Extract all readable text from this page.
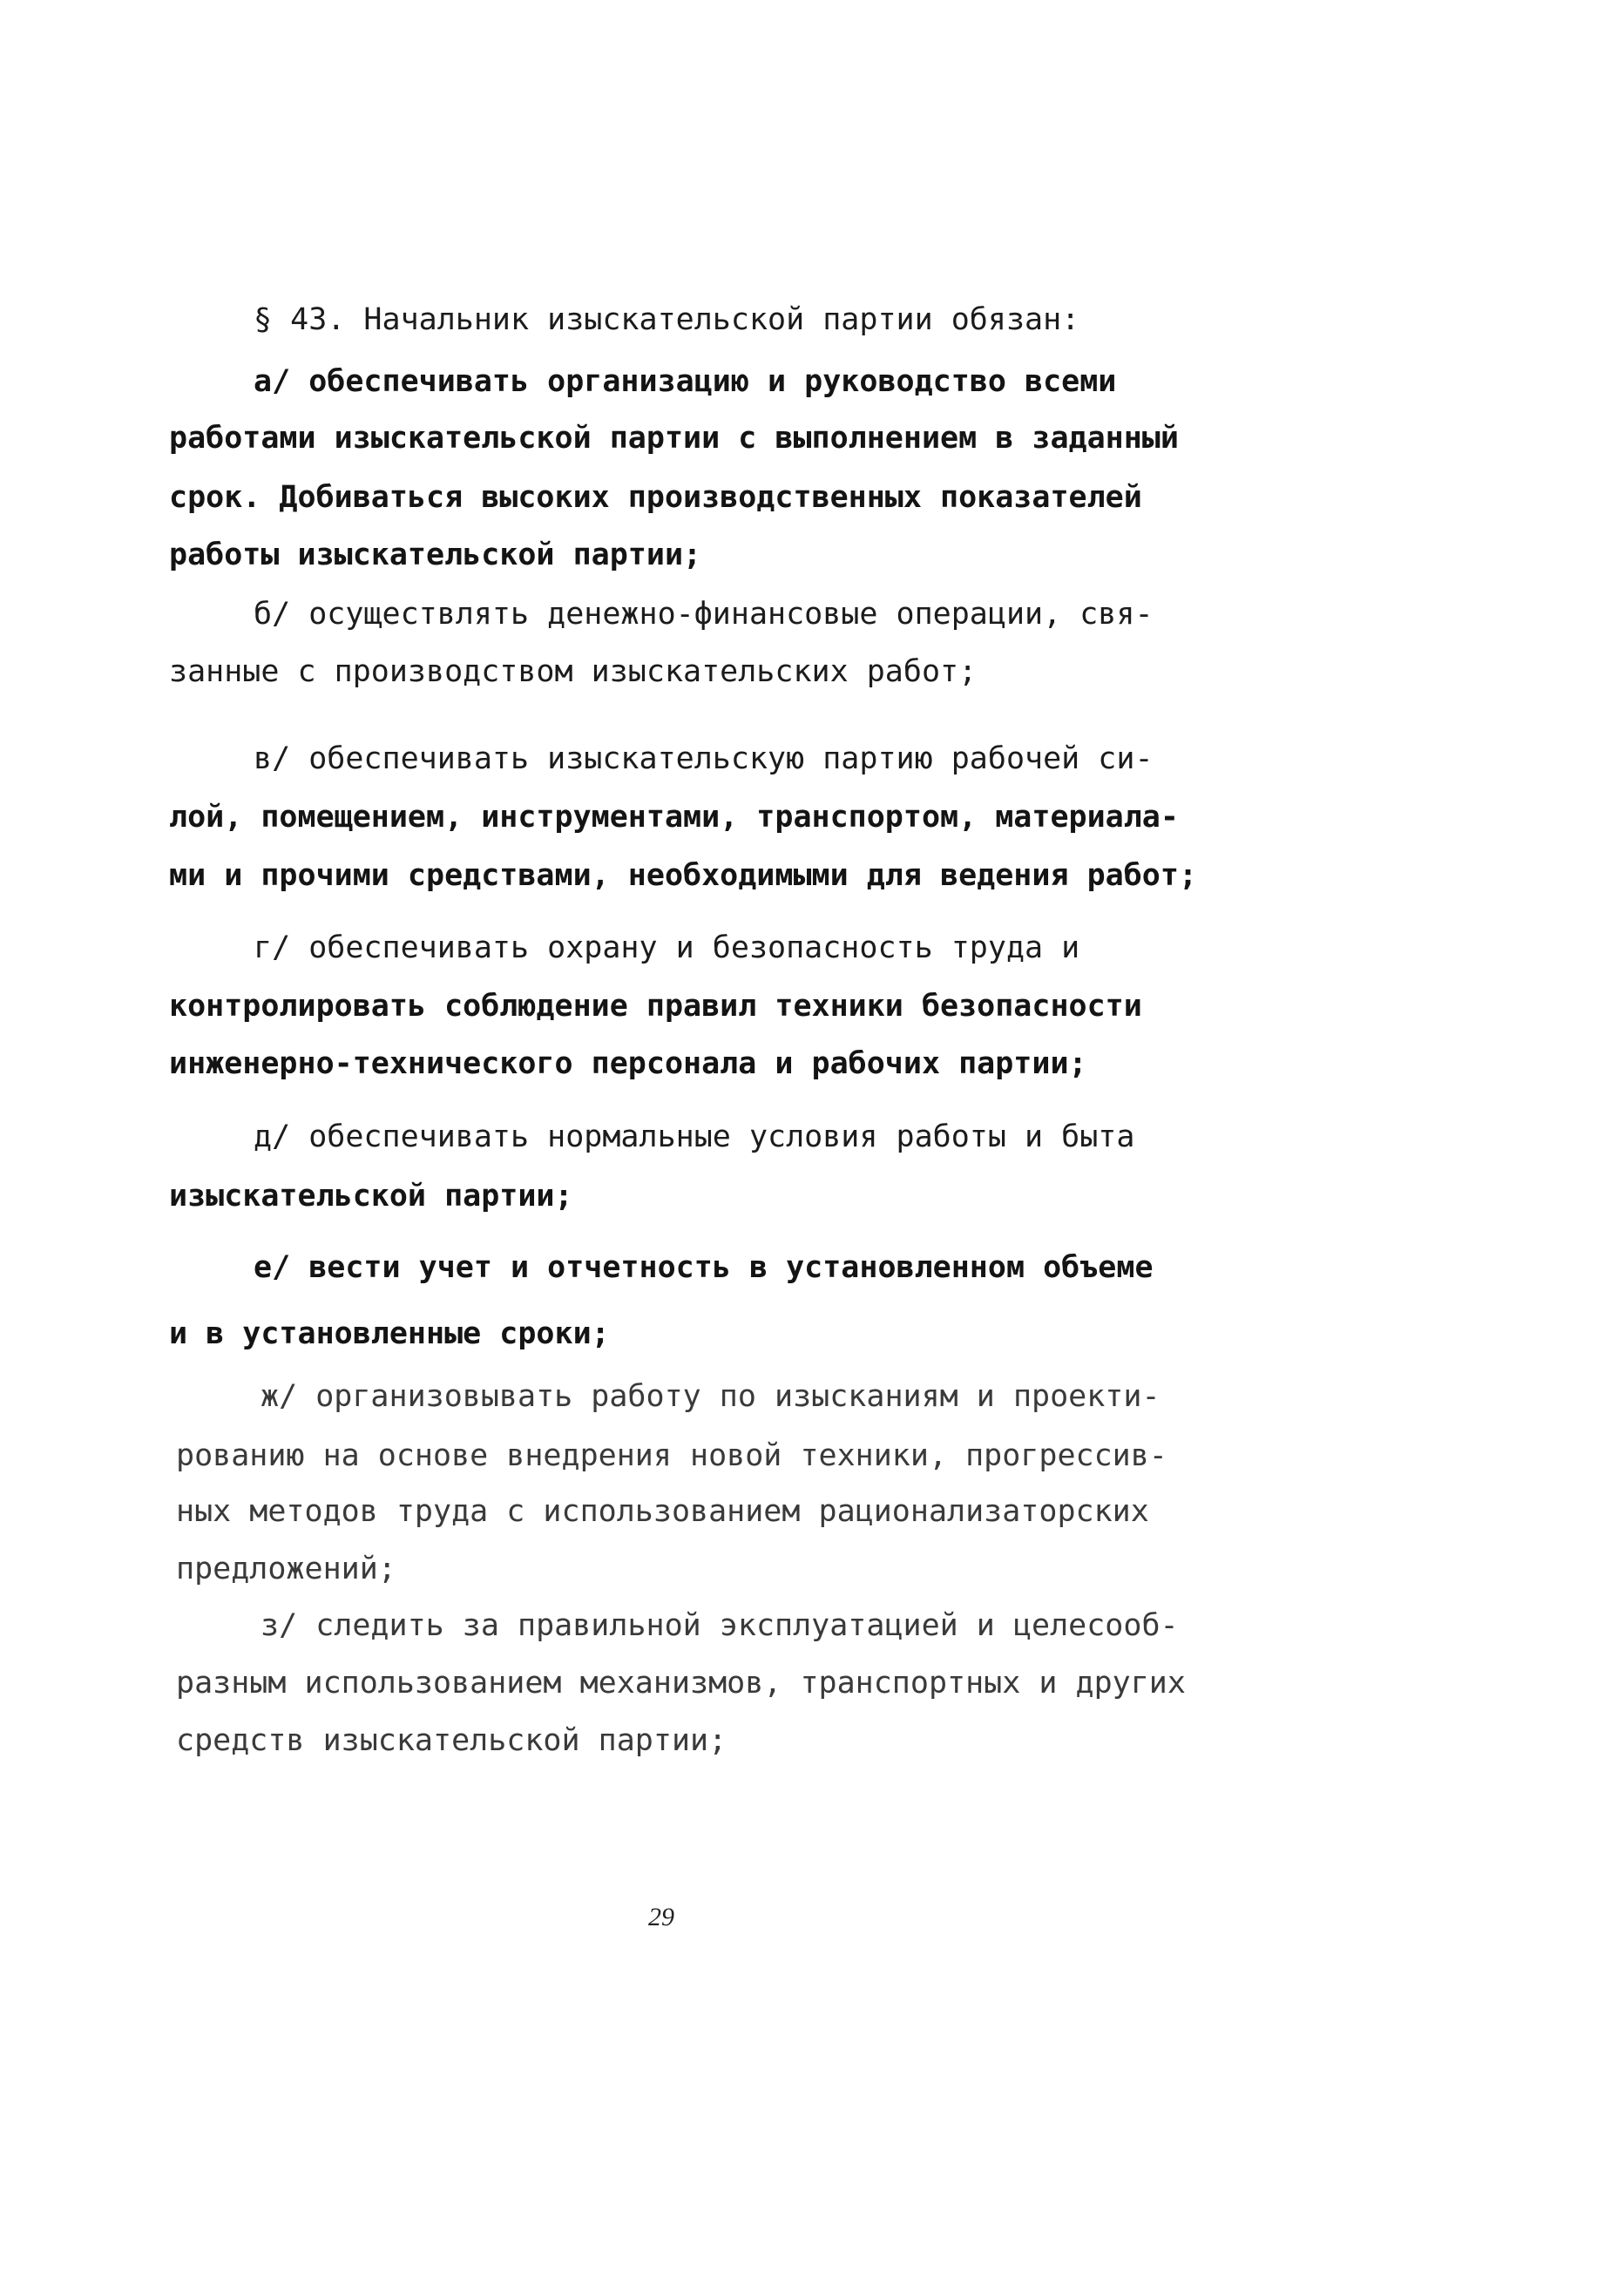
§ 43. Начальник изыскательской партии обязан:

а/ обеспечивать организацию и руководство всеми

работами изыскательской партии с выполнением в заданный

срок. Добиваться высоких производственных показателей

работы изыскательской партии;

б/ осуществлять денежно-финансовые операции, свя-

занные с производством изыскательских работ;

в/ обеспечивать изыскательскую партию рабочей си-

лой, помещением, инструментами, транспортом, материала-

ми и прочими средствами, необходимыми для ведения работ;

г/ обеспечивать охрану и безопасность труда и

контролировать соблюдение правил техники безопасности

инженерно-технического персонала и рабочих партии;

д/ обеспечивать нормальные условия работы и быта

изыскательской партии;

е/ вести учет и отчетность в установленном объеме

и в установленные сроки;

ж/ организовывать работу по изысканиям и проекти-

рованию на основе внедрения новой техники, прогрессив-

ных методов труда с использованием рационализаторских

предложений;

з/ следить за правильной эксплуатацией и целесооб-

разным использованием механизмов, транспортных и других

средств изыскательской партии;

29
